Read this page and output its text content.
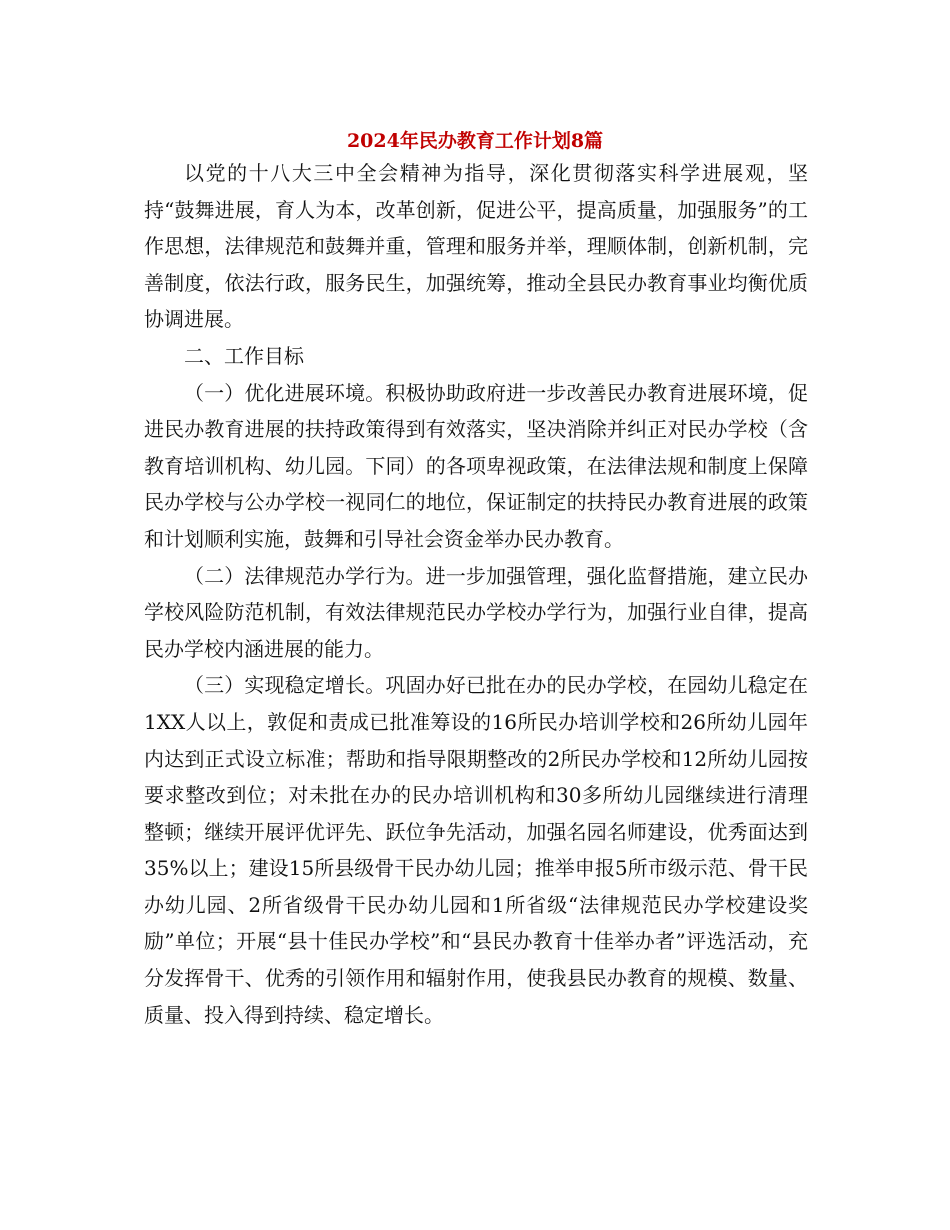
2024年民办教育工作计划8篇

以党的十八大三中全会精神为指导，深化贯彻落实科学进展观，坚持“鼓舞进展，育人为本，改革创新，促进公平，提高质量，加强服务”的工作思想，法律规范和鼓舞并重，管理和服务并举，理顺体制，创新机制，完善制度，依法行政，服务民生，加强统筹，推动全县民办教育事业均衡优质协调进展。

二、工作目标

（一）优化进展环境。积极协助政府进一步改善民办教育进展环境，促进民办教育进展的扶持政策得到有效落实，坚决消除并纠正对民办学校（含教育培训机构、幼儿园。下同）的各项卑视政策，在法律法规和制度上保障民办学校与公办学校一视同仁的地位，保证制定的扶持民办教育进展的政策和计划顺利实施，鼓舞和引导社会资金举办民办教育。

（二）法律规范办学行为。进一步加强管理，强化监督措施，建立民办学校风险防范机制，有效法律规范民办学校办学行为，加强行业自律，提高民办学校内涵进展的能力。

（三）实现稳定增长。巩固办好已批在办的民办学校，在园幼儿稳定在1XX人以上，敦促和责成已批准筹设的16所民办培训学校和26所幼儿园年内达到正式设立标准；帮助和指导限期整改的2所民办学校和12所幼儿园按要求整改到位；对未批在办的民办培训机构和30多所幼儿园继续进行清理整顿；继续开展评优评先、跃位争先活动，加强名园名师建设，优秀面达到35%以上；建设15所县级骨干民办幼儿园；推举申报5所市级示范、骨干民办幼儿园、2所省级骨干民办幼儿园和1所省级“法律规范民办学校建设奖励”单位；开展“县十佳民办学校”和“县民办教育十佳举办者”评选活动，充分发挥骨干、优秀的引领作用和辐射作用，使我县民办教育的规模、数量、质量、投入得到持续、稳定增长。
